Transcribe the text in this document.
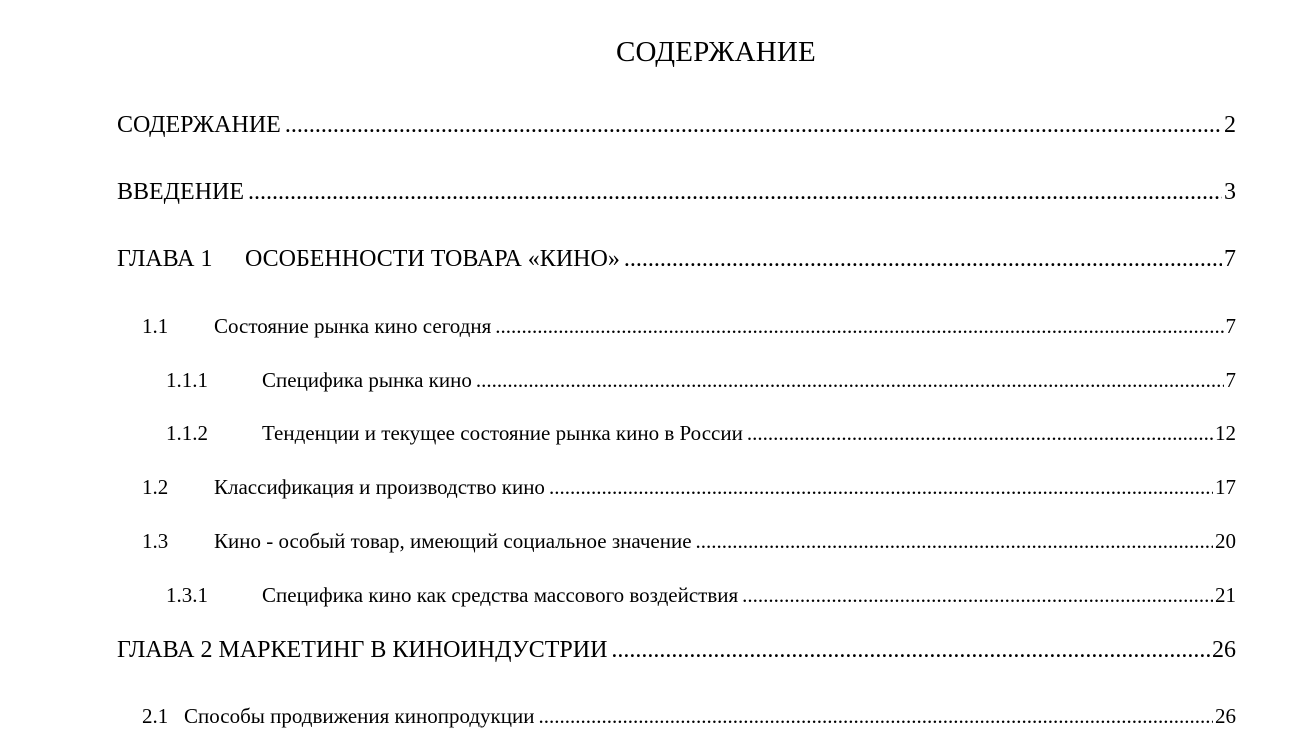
СОДЕРЖАНИЕ
СОДЕРЖАНИЕ .....	2
ВВЕДЕНИЕ .....	3
ГЛАВА 1	ОСОБЕННОСТИ ТОВАРА «КИНО» .....	7
1.1	Состояние рынка кино сегодня .....	7
1.1.1	Специфика рынка кино .....	7
1.1.2	Тенденции и текущее состояние рынка кино в России .....	12
1.2	Классификация и производство кино .....	17
1.3	Кино - особый товар, имеющий социальное значение .....	20
1.3.1	Специфика кино как средства массового воздействия .....	21
ГЛАВА 2 МАРКЕТИНГ В КИНОИНДУСТРИИ .....	26
2.1 Способы продвижения кинопродукции .....	26
